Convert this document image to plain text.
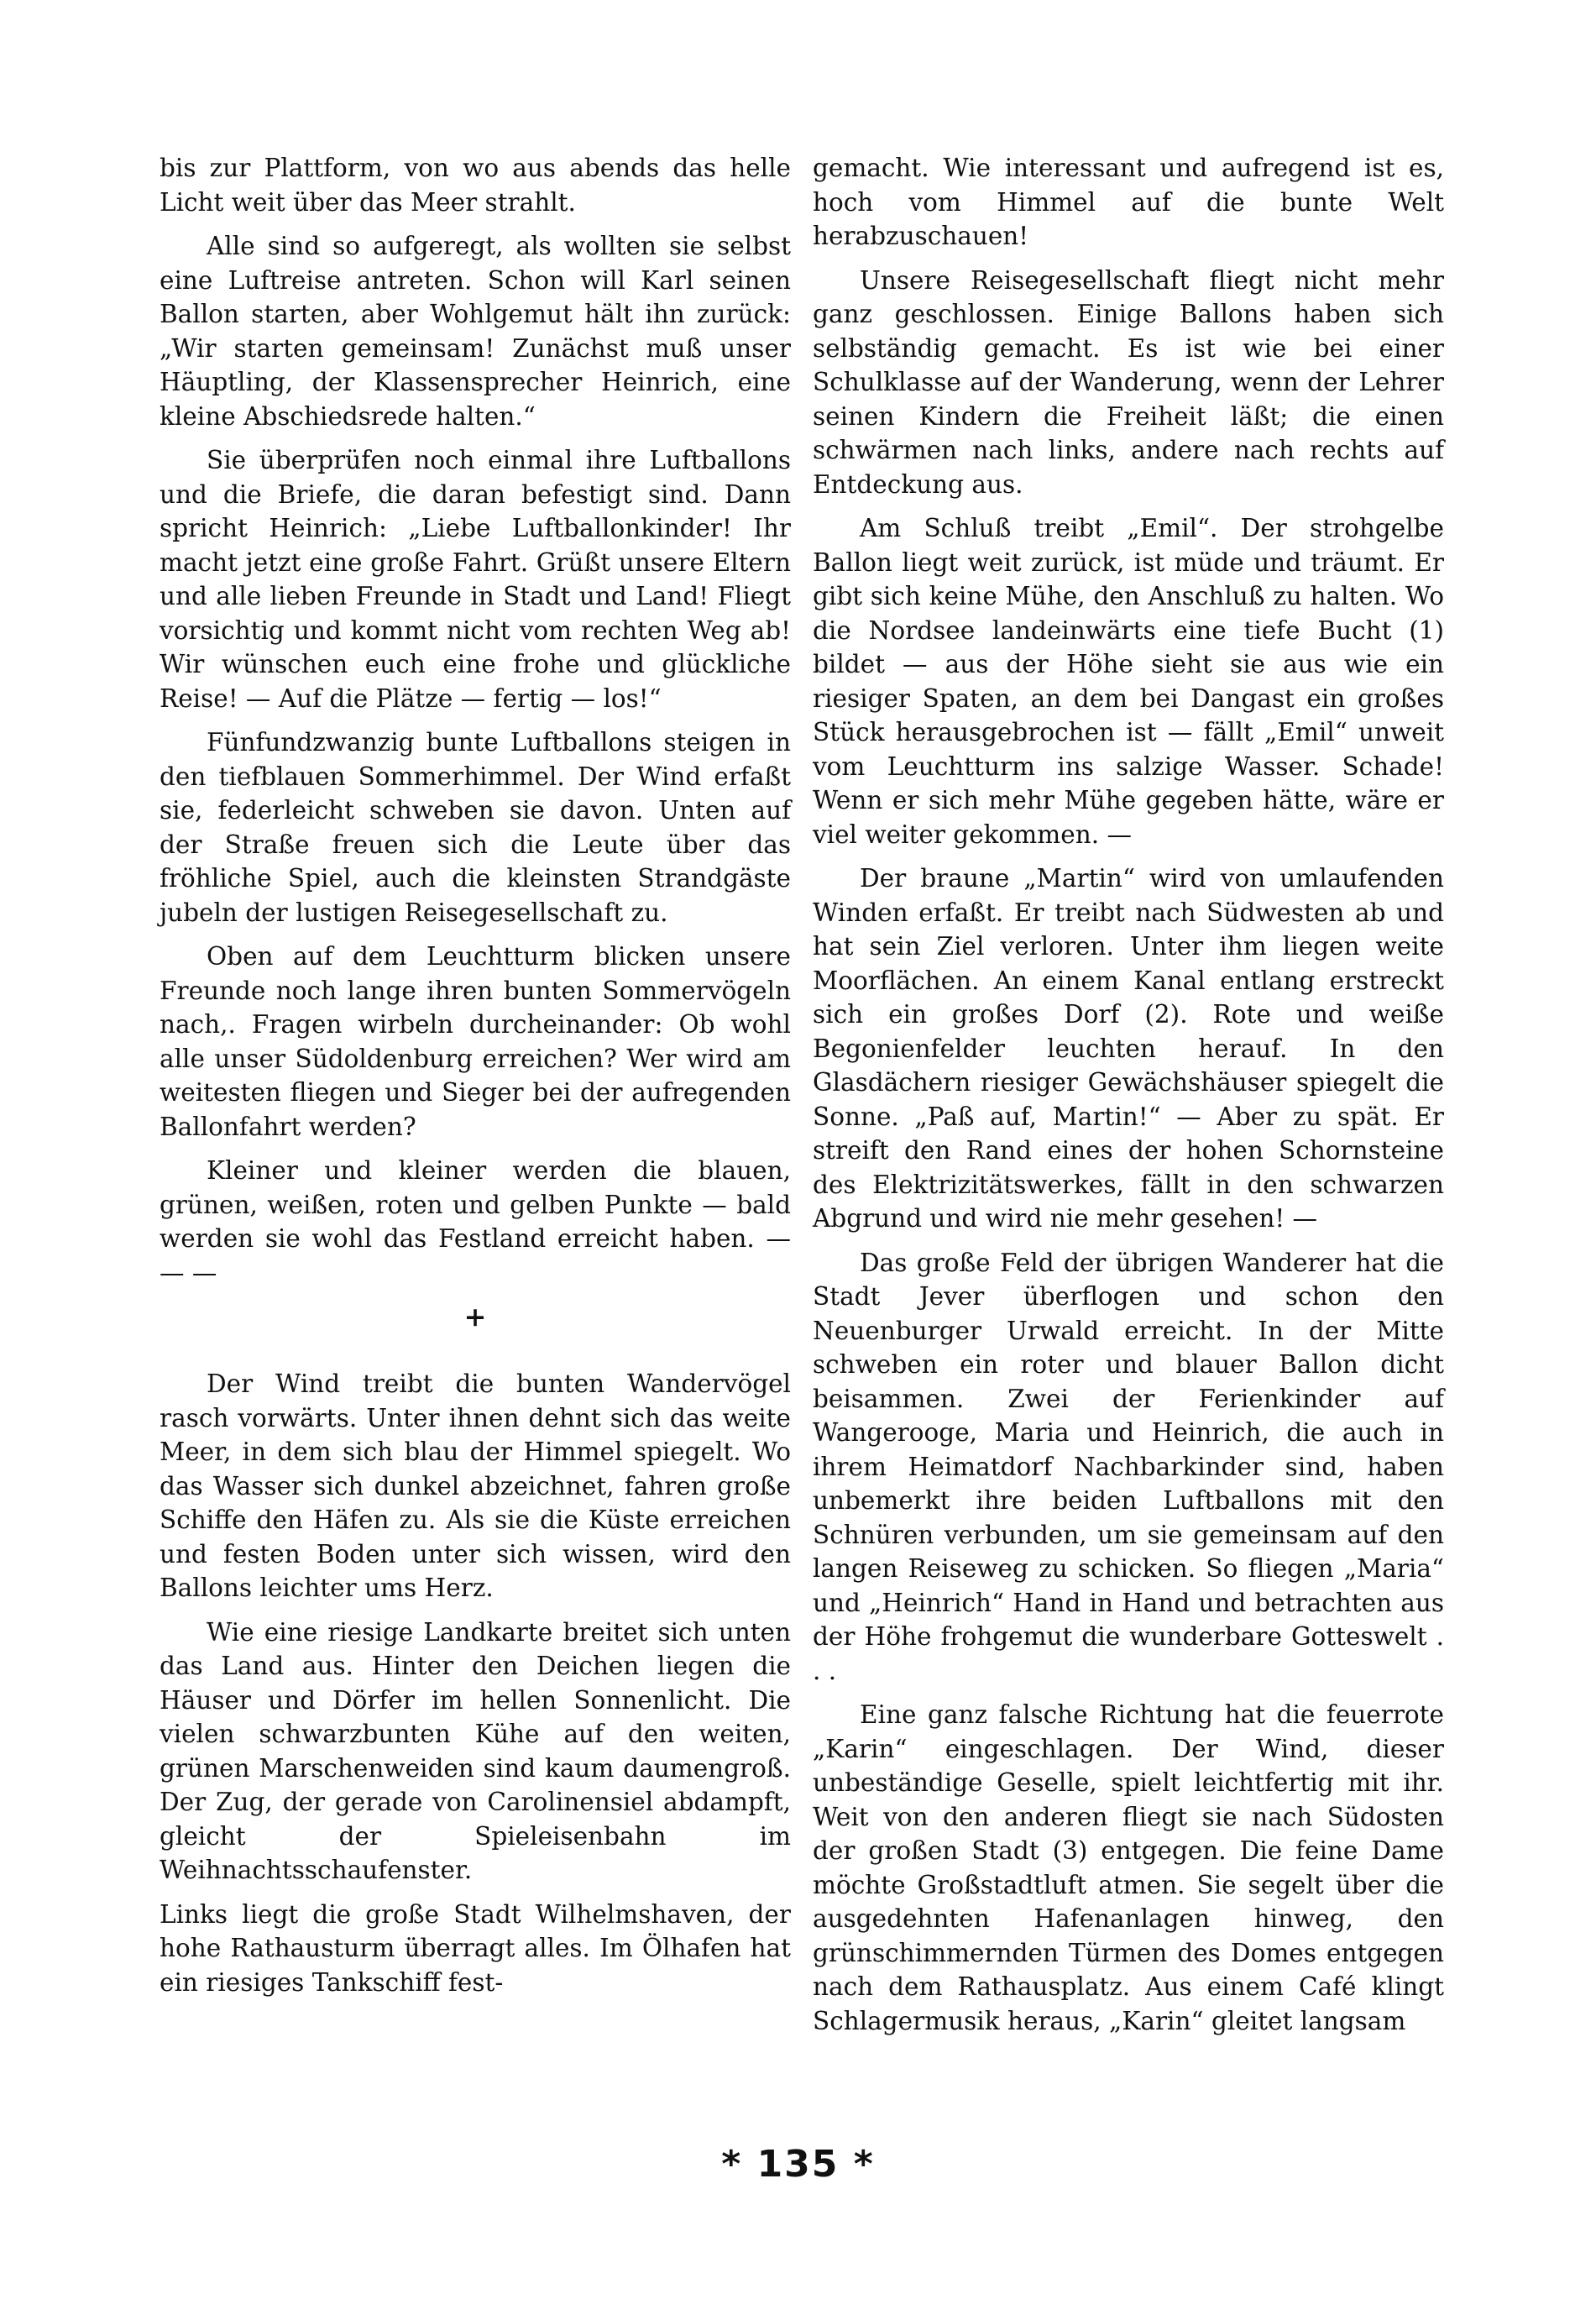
bis zur Plattform, von wo aus abends das helle Licht weit über das Meer strahlt.

Alle sind so aufgeregt, als wollten sie selbst eine Luftreise antreten. Schon will Karl seinen Ballon starten, aber Wohlgemut hält ihn zurück: „Wir starten gemeinsam! Zunächst muß unser Häuptling, der Klassensprecher Heinrich, eine kleine Abschiedsrede halten.“

Sie überprüfen noch einmal ihre Luftballons und die Briefe, die daran befestigt sind. Dann spricht Heinrich: „Liebe Luftballonkinder! Ihr macht jetzt eine große Fahrt. Grüßt unsere Eltern und alle lieben Freunde in Stadt und Land! Fliegt vorsichtig und kommt nicht vom rechten Weg ab! Wir wünschen euch eine frohe und glückliche Reise! — Auf die Plätze — fertig — los!“

Fünfundzwanzig bunte Luftballons steigen in den tiefblauen Sommerhimmel. Der Wind erfaßt sie, federleicht schweben sie davon. Unten auf der Straße freuen sich die Leute über das fröhliche Spiel, auch die kleinsten Strandgäste jubeln der lustigen Reisegesellschaft zu.

Oben auf dem Leuchtturm blicken unsere Freunde noch lange ihren bunten Sommervögeln nach,. Fragen wirbeln durcheinander: Ob wohl alle unser Südoldenburg erreichen? Wer wird am weitesten fliegen und Sieger bei der aufregenden Ballonfahrt werden?

Kleiner und kleiner werden die blauen, grünen, weißen, roten und gelben Punkte — bald werden sie wohl das Festland erreicht haben. — — —

+

Der Wind treibt die bunten Wandervögel rasch vorwärts. Unter ihnen dehnt sich das weite Meer, in dem sich blau der Himmel spiegelt. Wo das Wasser sich dunkel abzeichnet, fahren große Schiffe den Häfen zu. Als sie die Küste erreichen und festen Boden unter sich wissen, wird den Ballons leichter ums Herz.

Wie eine riesige Landkarte breitet sich unten das Land aus. Hinter den Deichen liegen die Häuser und Dörfer im hellen Sonnenlicht. Die vielen schwarzbunten Kühe auf den weiten, grünen Marschenweiden sind kaum daumengroß. Der Zug, der gerade von Carolinensiel abdampft, gleicht der Spieleisenbahn im Weihnachtsschaufenster.

Links liegt die große Stadt Wilhelmshaven, der hohe Rathausturm überragt alles. Im Ölhafen hat ein riesiges Tankschiff fest-

gemacht. Wie interessant und aufregend ist es, hoch vom Himmel auf die bunte Welt herabzuschauen!

Unsere Reisegesellschaft fliegt nicht mehr ganz geschlossen. Einige Ballons haben sich selbständig gemacht. Es ist wie bei einer Schulklasse auf der Wanderung, wenn der Lehrer seinen Kindern die Freiheit läßt; die einen schwärmen nach links, andere nach rechts auf Entdeckung aus.

Am Schluß treibt „Emil“. Der strohgelbe Ballon liegt weit zurück, ist müde und träumt. Er gibt sich keine Mühe, den Anschluß zu halten. Wo die Nordsee landeinwärts eine tiefe Bucht (1) bildet — aus der Höhe sieht sie aus wie ein riesiger Spaten, an dem bei Dangast ein großes Stück herausgebrochen ist — fällt „Emil“ unweit vom Leuchtturm ins salzige Wasser. Schade! Wenn er sich mehr Mühe gegeben hätte, wäre er viel weiter gekommen. —

Der braune „Martin“ wird von umlaufenden Winden erfaßt. Er treibt nach Südwesten ab und hat sein Ziel verloren. Unter ihm liegen weite Moorflächen. An einem Kanal entlang erstreckt sich ein großes Dorf (2). Rote und weiße Begonienfelder leuchten herauf. In den Glasdächern riesiger Gewächshäuser spiegelt die Sonne. „Paß auf, Martin!“ — Aber zu spät. Er streift den Rand eines der hohen Schornsteine des Elektrizitätswerkes, fällt in den schwarzen Abgrund und wird nie mehr gesehen! —

Das große Feld der übrigen Wanderer hat die Stadt Jever überflogen und schon den Neuenburger Urwald erreicht. In der Mitte schweben ein roter und blauer Ballon dicht beisammen. Zwei der Ferienkinder auf Wangerooge, Maria und Heinrich, die auch in ihrem Heimatdorf Nachbarkinder sind, haben unbemerkt ihre beiden Luftballons mit den Schnüren verbunden, um sie gemeinsam auf den langen Reiseweg zu schicken. So fliegen „Maria“ und „Heinrich“ Hand in Hand und betrachten aus der Höhe frohgemut die wunderbare Gotteswelt . . .

Eine ganz falsche Richtung hat die feuerrote „Karin“ eingeschlagen. Der Wind, dieser unbeständige Geselle, spielt leichtfertig mit ihr. Weit von den anderen fliegt sie nach Südosten der großen Stadt (3) entgegen. Die feine Dame möchte Großstadtluft atmen. Sie segelt über die ausgedehnten Hafenanlagen hinweg, den grünschimmernden Türmen des Domes entgegen nach dem Rathausplatz. Aus einem Café klingt Schlagermusik heraus, „Karin“ gleitet langsam

* 135 *
